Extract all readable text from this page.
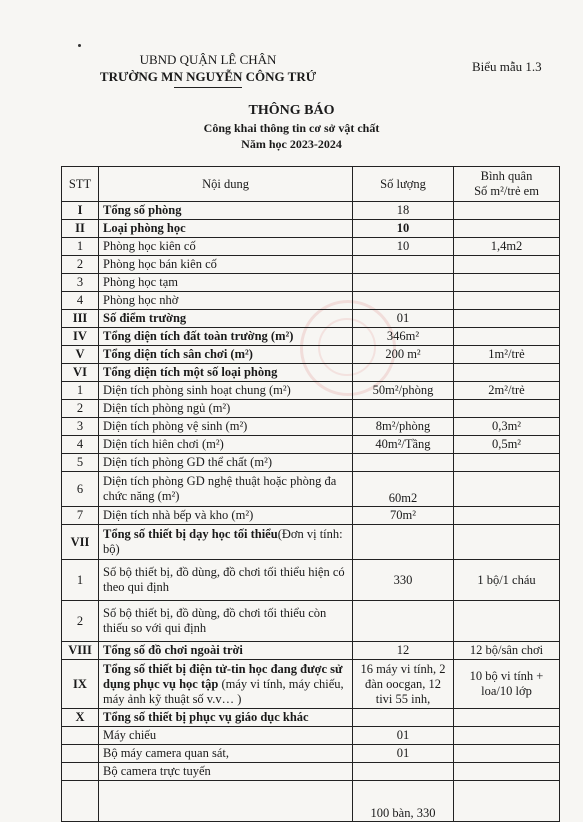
UBND QUẬN LÊ CHÂN
TRƯỜNG MN NGUYỄN CÔNG TRỨ
Biểu mẫu 1.3
THÔNG BÁO
Công khai thông tin cơ sở vật chất
Năm học 2023-2024
STT	Nội dung	Số lượng	Bình quân
Số m²/trẻ em

I	Tổng số phòng	18	
II	Loại phòng học	10	
1	Phòng học kiên cố	10	1,4m2
2	Phòng học bán kiên cố		
3	Phòng học tạm		
4	Phòng học nhờ		
III	Số điểm trường	01	
IV	Tổng diện tích đất toàn trường (m²)	346m²	
V	Tổng diện tích sân chơi (m²)	200 m²	1m²/trẻ
VI	Tổng diện tích một số loại phòng		
1	Diện tích phòng sinh hoạt chung (m²)	50m²/phòng	2m²/trẻ
2	Diện tích phòng ngủ (m²)		
3	Diện tích phòng vệ sinh (m²)	8m²/phòng	0,3m²
4	Diện tích hiên chơi (m²)	40m²/Tầng	0,5m²
5	Diện tích phòng GD thể chất (m²)		
6	Diện tích phòng GD nghệ thuật hoặc phòng đa chức năng (m²)	60m2	
7	Diện tích nhà bếp và kho (m²)	70m²	
VII	Tổng số thiết bị dạy học tối thiểu(Đơn vị tính: bộ)		
1	Số bộ thiết bị, đồ dùng, đồ chơi tối thiểu hiện có theo qui định	330	1 bộ/1 cháu
2	Số bộ thiết bị, đồ dùng, đồ chơi tối thiểu còn thiếu so với qui định		
VIII	Tổng số đồ chơi ngoài trời	12	12 bộ/sân chơi
IX	Tổng số thiết bị điện tử-tin học đang được sử dụng phục vụ học tập (máy vi tính, máy chiếu, máy ảnh kỹ thuật số v.v… )	16 máy vi tính, 2 đàn oocgan, 12 tivi 55 inh,	10 bộ vi tính + loa/10 lớp
X	Tổng số thiết bị phục vụ giáo dục khác		
	Máy chiếu	01	
	Bộ máy camera quan sát,	01	
	Bộ camera trực tuyến		
		100 bàn, 330	
